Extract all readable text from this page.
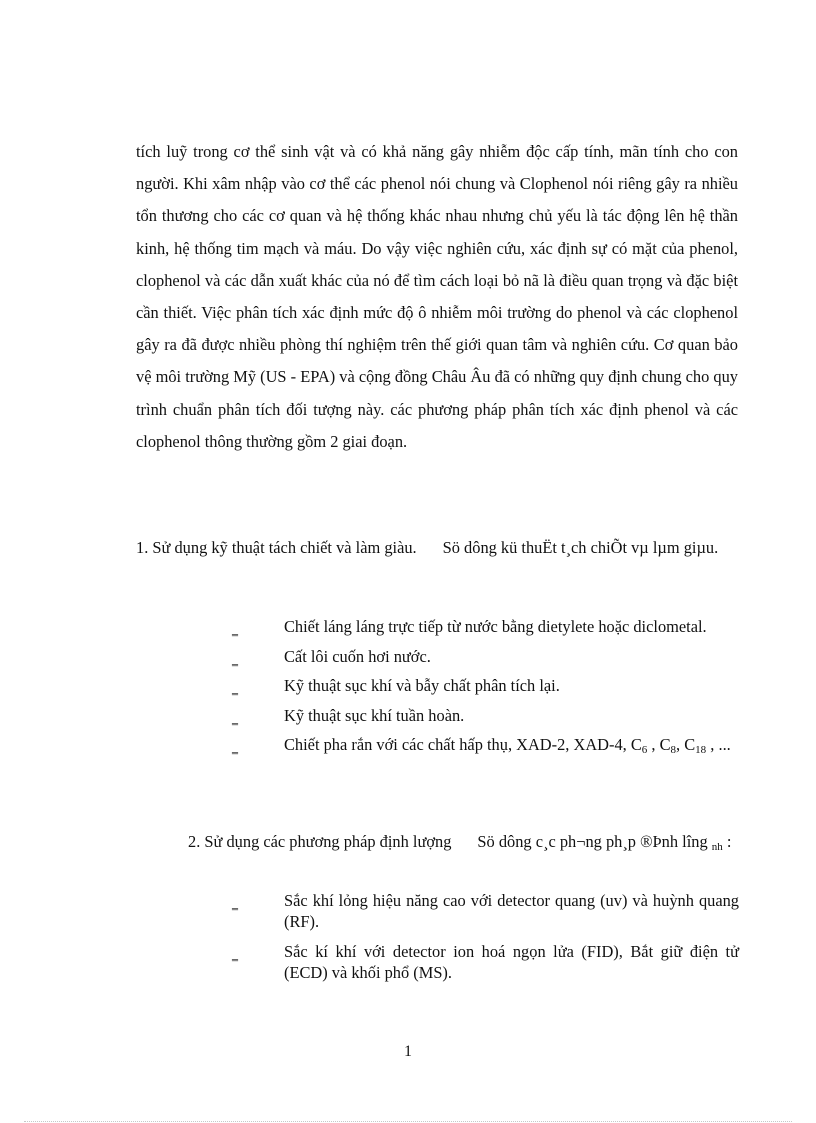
tích luỹ trong cơ thể sinh vật và có khả năng gây nhiễm độc cấp tính, mãn tính cho con người. Khi xâm nhập vào cơ thể các phenol nói chung và Clophenol nói riêng gây ra nhiều tổn thương cho các cơ quan và hệ thống khác nhau nhưng chủ yếu là tác động lên hệ thần kinh, hệ thống tim mạch và máu. Do vậy việc nghiên cứu, xác định sự có mặt của phenol, clophenol và các dẫn xuất khác của nó để tìm cách loại bỏ nã là điều quan trọng và đặc biệt cần thiết. Việc phân tích xác định mức độ ô nhiễm môi trường do phenol và các clophenol gây ra đã được nhiều phòng thí nghiệm trên thế giới quan tâm và nghiên cứu. Cơ quan bảo vệ môi trường Mỹ (US - EPA) và cộng đồng Châu Âu đã có những quy định chung cho quy trình chuẩn phân tích đối tượng này. các phương pháp phân tích xác định phenol và các clophenol thông thường gồm 2 giai đoạn.

1. Sử dụng kỹ thuật tách chiết và làm giàu. Sö dông kü thuËt t¸ch chiÕt vµ lµm giµu.

‗	Chiết láng láng trực tiếp từ nước bằng dietylete hoặc diclometal.
‗	Cất lôi cuốn hơi nước.
‗	Kỹ thuật sục khí và bẫy chất phân tích lại.
‗	Kỹ thuật sục khí tuần hoàn.
‗	Chiết pha rắn với các chất hấp thụ, XAD-2, XAD-4, $C_6$ , $C_8$, $C_{18}$ , ...

2. Sử dụng các phương pháp định lượng Sö dông c¸c ph¬ng ph¸p ®Þnh lîng $_{nh}$ :

‗	Sắc khí lỏng hiệu năng cao với detector quang (uv) và huỳnh quang (RF).
‗	Sắc kí khí với detector ion hoá ngọn lửa (FID), Bắt giữ điện tử (ECD) và khối phổ (MS).
1
